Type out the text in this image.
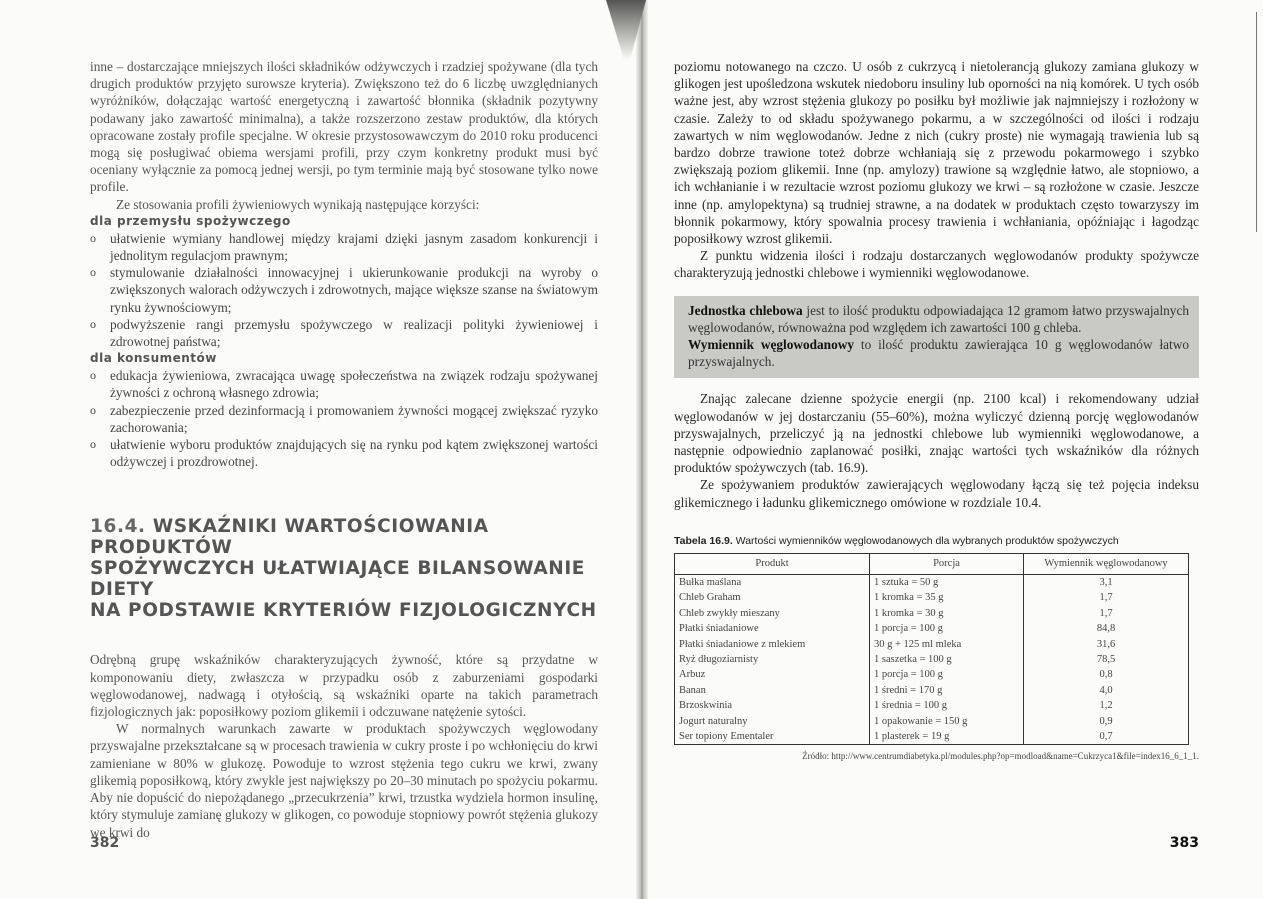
inne – dostarczające mniejszych ilości składników odżywczych i rzadziej spożywane (dla tych drugich produktów przyjęto surowsze kryteria). Zwiększono też do 6 liczbę uwzględnianych wyróżników, dołączając wartość energetyczną i zawartość błonnika (składnik pozytywny podawany jako zawartość minimalna), a także rozszerzono zestaw produktów, dla których opracowane zostały profile specjalne. W okresie przystosowawczym do 2010 roku producenci mogą się posługiwać obiema wersjami profili, przy czym konkretny produkt musi być oceniany wyłącznie za pomocą jednej wersji, po tym terminie mają być stosowane tylko nowe profile.

Ze stosowania profili żywieniowych wynikają następujące korzyści:

dla przemysłu spożywczego
o ułatwienie wymiany handlowej między krajami dzięki jasnym zasadom konkurencji i jednolitym regulacjom prawnym;
o stymulowanie działalności innowacyjnej i ukierunkowanie produkcji na wyroby o zwiększonych walorach odżywczych i zdrowotnych, mające większe szanse na światowym rynku żywnościowym;
o podwyższenie rangi przemysłu spożywczego w realizacji polityki żywieniowej i zdrowotnej państwa;
dla konsumentów
o edukacja żywieniowa, zwracająca uwagę społeczeństwa na związek rodzaju spożywanej żywności z ochroną własnego zdrowia;
o zabezpieczenie przed dezinformacją i promowaniem żywności mogącej zwiększać ryzyko zachorowania;
o ułatwienie wyboru produktów znajdujących się na rynku pod kątem zwiększonej wartości odżywczej i prozdrowotnej.
16.4. WSKAŹNIKI WARTOŚCIOWANIA PRODUKTÓW
SPOŻYWCZYCH UŁATWIAJĄCE BILANSOWANIE DIETY
NA PODSTAWIE KRYTERIÓW FIZJOLOGICZNYCH

Odrębną grupę wskaźników charakteryzujących żywność, które są przydatne w komponowaniu diety, zwłaszcza w przypadku osób z zaburzeniami gospodarki węglowodanowej, nadwagą i otyłością, są wskaźniki oparte na takich parametrach fizjologicznych jak: poposiłkowy poziom glikemii i odczuwane natężenie sytości.

W normalnych warunkach zawarte w produktach spożywczych węglowodany przyswajalne przekształcane są w procesach trawienia w cukry proste i po wchłonięciu do krwi zamieniane w 80% w glukozę. Powoduje to wzrost stężenia tego cukru we krwi, zwany glikemią poposiłkową, który zwykle jest największy po 20–30 minutach po spożyciu pokarmu. Aby nie dopuścić do niepożądanego „przecukrzenia” krwi, trzustka wydziela hormon insulinę, który stymuluje zamianę glukozy w glikogen, co powoduje stopniowy powrót stężenia glukozy we krwi do

382

poziomu notowanego na czczo. U osób z cukrzycą i nietolerancją glukozy zamiana glukozy w glikogen jest upośledzona wskutek niedoboru insuliny lub oporności na nią komórek. U tych osób ważne jest, aby wzrost stężenia glukozy po posiłku był możliwie jak najmniejszy i rozłożony w czasie. Zależy to od składu spożywanego pokarmu, a w szczególności od ilości i rodzaju zawartych w nim węglowodanów. Jedne z nich (cukry proste) nie wymagają trawienia lub są bardzo dobrze trawione toteż dobrze wchłaniają się z przewodu pokarmowego i szybko zwiększają poziom glikemii. Inne (np. amylozy) trawione są względnie łatwo, ale stopniowo, a ich wchłanianie i w rezultacie wzrost poziomu glukozy we krwi – są rozłożone w czasie. Jeszcze inne (np. amylopektyna) są trudniej strawne, a na dodatek w produktach często towarzyszy im błonnik pokarmowy, który spowalnia procesy trawienia i wchłaniania, opóźniając i łagodząc poposiłkowy wzrost glikemii.

Z punktu widzenia ilości i rodzaju dostarczanych węglowodanów produkty spożywcze charakteryzują jednostki chlebowe i wymienniki węglowodanowe.

Jednostka chlebowa jest to ilość produktu odpowiadająca 12 gramom łatwo przyswajalnych węglowodanów, równoważna pod względem ich zawartości 100 g chleba.
Wymiennik węglowodanowy to ilość produktu zawierająca 10 g węglowodanów łatwo przyswajalnych.

Znając zalecane dzienne spożycie energii (np. 2100 kcal) i rekomendowany udział węglowodanów w jej dostarczaniu (55–60%), można wyliczyć dzienną porcję węglowodanów przyswajalnych, przeliczyć ją na jednostki chlebowe lub wymienniki węglowodanowe, a następnie odpowiednio zaplanować posiłki, znając wartości tych wskaźników dla różnych produktów spożywczych (tab. 16.9).

Ze spożywaniem produktów zawierających węglowodany łączą się też pojęcia indeksu glikemicznego i ładunku glikemicznego omówione w rozdziale 10.4.

Tabela 16.9. Wartości wymienników węglowodanowych dla wybranych produktów spożywczych
Produkt	Porcja	Wymiennik węglowodanowy
Bułka maślana	1 sztuka = 50 g	3,1
Chleb Graham	1 kromka = 35 g	1,7
Chleb zwykły mieszany	1 kromka = 30 g	1,7
Płatki śniadaniowe	1 porcja = 100 g	84,8
Płatki śniadaniowe z mlekiem	30 g + 125 ml mleka	31,6
Ryż długoziarnisty	1 saszetka = 100 g	78,5
Arbuz	1 porcja = 100 g	0,8
Banan	1 średni = 170 g	4,0
Brzoskwinia	1 średnia = 100 g	1,2
Jogurt naturalny	1 opakowanie = 150 g	0,9
Ser topiony Ementaler	1 plasterek = 19 g	0,7
Źródło: http://www.centrumdiabetyka.pl/modules.php?op=modload&name=Cukrzyca1&file=index16_6_1_1.
383
